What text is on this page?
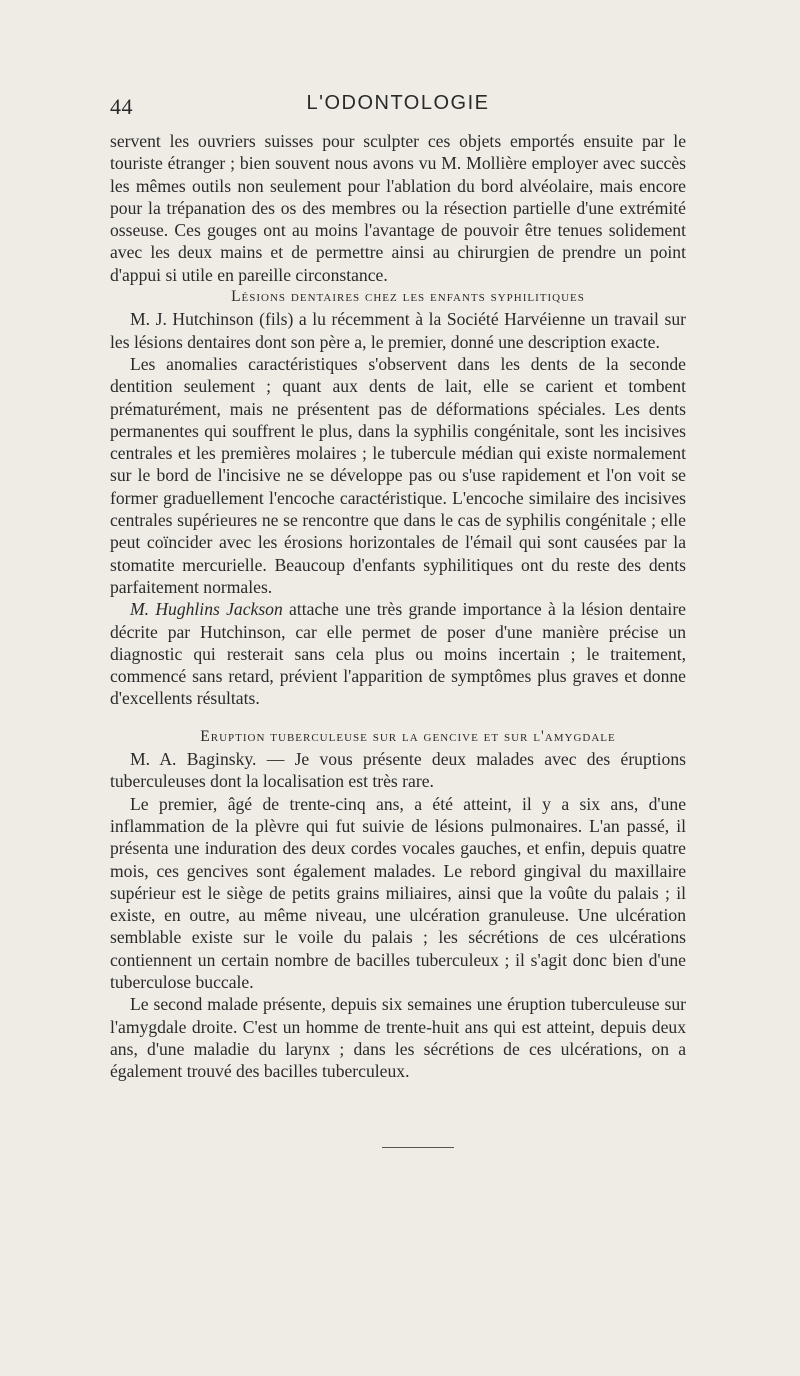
44	L'ODONTOLOGIE

servent les ouvriers suisses pour sculpter ces objets emportés ensuite par le touriste étranger ; bien souvent nous avons vu M. Mollière employer avec succès les mêmes outils non seulement pour l'ablation du bord alvéolaire, mais encore pour la trépanation des os des membres ou la résection partielle d'une extrémité osseuse. Ces gouges ont au moins l'avantage de pouvoir être tenues solidement avec les deux mains et de permettre ainsi au chirurgien de prendre un point d'appui si utile en pareille circonstance.

Lésions dentaires chez les enfants syphilitiques

M. J. Hutchinson (fils) a lu récemment à la Société Harvéienne un travail sur les lésions dentaires dont son père a, le premier, donné une description exacte.

Les anomalies caractéristiques s'observent dans les dents de la seconde dentition seulement ; quant aux dents de lait, elle se carient et tombent prématurément, mais ne présentent pas de déformations spéciales. Les dents permanentes qui souffrent le plus, dans la syphilis congénitale, sont les incisives centrales et les premières molaires ; le tubercule médian qui existe normalement sur le bord de l'incisive ne se développe pas ou s'use rapidement et l'on voit se former graduellement l'encoche caractéristique. L'encoche similaire des incisives centrales supérieures ne se rencontre que dans le cas de syphilis congénitale ; elle peut coïncider avec les érosions horizontales de l'émail qui sont causées par la stomatite mercurielle. Beaucoup d'enfants syphilitiques ont du reste des dents parfaitement normales.

M. Hughlins Jackson attache une très grande importance à la lésion dentaire décrite par Hutchinson, car elle permet de poser d'une manière précise un diagnostic qui resterait sans cela plus ou moins incertain ; le traitement, commencé sans retard, prévient l'apparition de symptômes plus graves et donne d'excellents résultats.

Eruption tuberculeuse sur la gencive et sur l'amygdale

M. A. Baginsky. — Je vous présente deux malades avec des éruptions tuberculeuses dont la localisation est très rare.

Le premier, âgé de trente-cinq ans, a été atteint, il y a six ans, d'une inflammation de la plèvre qui fut suivie de lésions pulmonaires. L'an passé, il présenta une induration des deux cordes vocales gauches, et enfin, depuis quatre mois, ces gencives sont également malades. Le rebord gingival du maxillaire supérieur est le siège de petits grains miliaires, ainsi que la voûte du palais ; il existe, en outre, au même niveau, une ulcération granuleuse. Une ulcération semblable existe sur le voile du palais ; les sécrétions de ces ulcérations contiennent un certain nombre de bacilles tuberculeux ; il s'agit donc bien d'une tuberculose buccale.

Le second malade présente, depuis six semaines une éruption tuberculeuse sur l'amygdale droite. C'est un homme de trente-huit ans qui est atteint, depuis deux ans, d'une maladie du larynx ; dans les sécrétions de ces ulcérations, on a également trouvé des bacilles tuberculeux.
